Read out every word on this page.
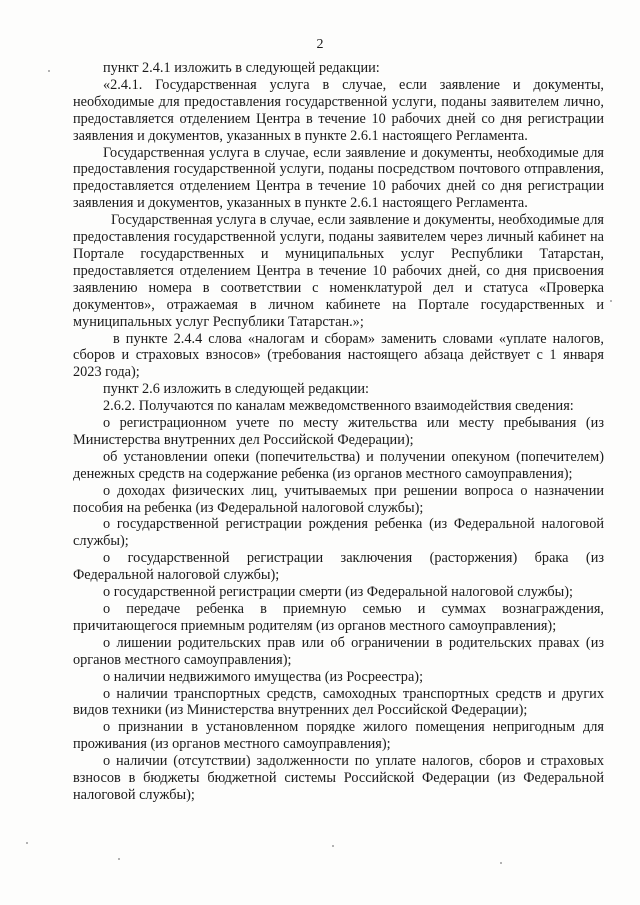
2

пункт 2.4.1 изложить в следующей редакции:

«2.4.1. Государственная услуга в случае, если заявление и документы, необходимые для предоставления государственной услуги, поданы заявителем лично, предоставляется отделением Центра в течение 10 рабочих дней со дня регистрации заявления и документов, указанных в пункте 2.6.1 настоящего Регламента.

Государственная услуга в случае, если заявление и документы, необходимые для предоставления государственной услуги, поданы посредством почтового отправления, предоставляется отделением Центра в течение 10 рабочих дней со дня регистрации заявления и документов, указанных в пункте 2.6.1 настоящего Регламента.

Государственная услуга в случае, если заявление и документы, необходимые для предоставления государственной услуги, поданы заявителем через личный кабинет на Портале государственных и муниципальных услуг Республики Татарстан, предоставляется отделением Центра в течение 10 рабочих дней, со дня присвоения заявлению номера в соответствии с номенклатурой дел и статуса «Проверка документов», отражаемая в личном кабинете на Портале государственных и муниципальных услуг Республики Татарстан.»;

в пункте 2.4.4 слова «налогам и сборам» заменить словами «уплате налогов, сборов и страховых взносов» (требования настоящего абзаца действует с 1 января 2023 года);

пункт 2.6 изложить в следующей редакции:

2.6.2. Получаются по каналам межведомственного взаимодействия сведения:

о регистрационном учете по месту жительства или месту пребывания (из Министерства внутренних дел Российской Федерации);

об установлении опеки (попечительства) и получении опекуном (попечителем) денежных средств на содержание ребенка (из органов местного самоуправления);

о доходах физических лиц, учитываемых при решении вопроса о назначении пособия на ребенка (из Федеральной налоговой службы);

о государственной регистрации рождения ребенка (из Федеральной налоговой службы);

о государственной регистрации заключения (расторжения) брака (из Федеральной налоговой службы);

о государственной регистрации смерти (из Федеральной налоговой службы);

о передаче ребенка в приемную семью и суммах вознаграждения, причитающегося приемным родителям (из органов местного самоуправления);

о лишении родительских прав или об ограничении в родительских правах (из органов местного самоуправления);

о наличии недвижимого имущества (из Росреестра);

о наличии транспортных средств, самоходных транспортных средств и других видов техники (из Министерства внутренних дел Российской Федерации);

о признании в установленном порядке жилого помещения непригодным для проживания (из органов местного самоуправления);

о наличии (отсутствии) задолженности по уплате налогов, сборов и страховых взносов в бюджеты бюджетной системы Российской Федерации (из Федеральной налоговой службы);
